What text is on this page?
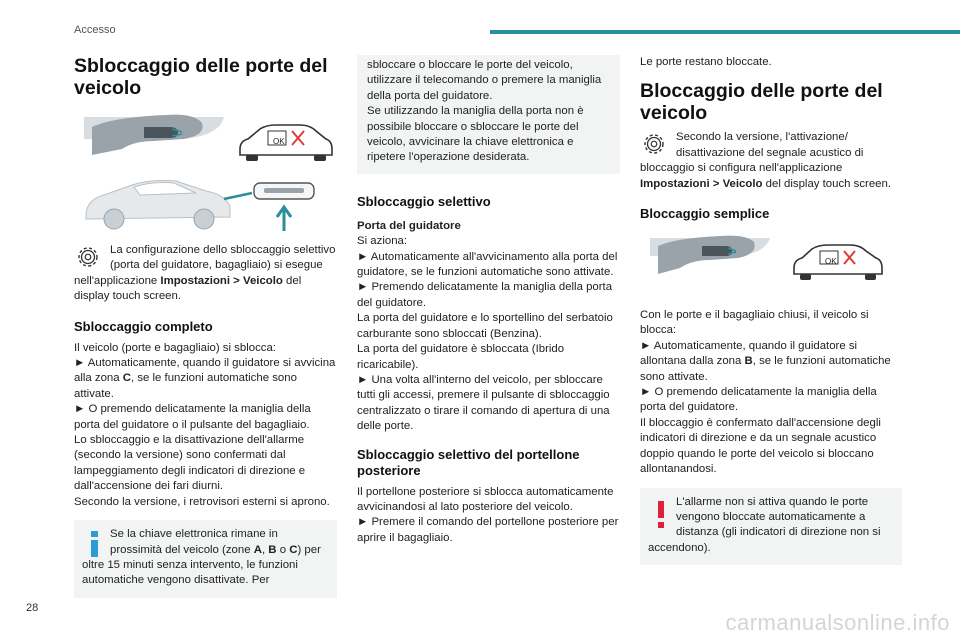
Accesso
Sbloccaggio delle porte del veicolo
OK
La configurazione dello sbloccaggio selettivo (porta del guidatore, bagagliaio) si esegue nell'applicazione Impostazioni > Veicolo del display touch screen.
Sbloccaggio completo

Il veicolo (porte e bagagliaio) si sblocca:

► Automaticamente, quando il guidatore si avvicina alla zona C, se le funzioni automatiche sono attivate.

► O premendo delicatamente la maniglia della porta del guidatore o il pulsante del bagagliaio.

Lo sbloccaggio e la disattivazione dell'allarme (secondo la versione) sono confermati dal lampeggiamento degli indicatori di direzione e dall'accensione dei fari diurni.

Secondo la versione, i retrovisori esterni si aprono.

Se la chiave elettronica rimane in prossimità del veicolo (zone A, B o C) per oltre 15 minuti senza intervento, le funzioni automatiche vengono disattivate. Per

sbloccare o bloccare le porte del veicolo, utilizzare il telecomando o premere la maniglia della porta del guidatore.

Se utilizzando la maniglia della porta non è possibile bloccare o sbloccare le porte del veicolo, avvicinare la chiave elettronica e ripetere l'operazione desiderata.

Sbloccaggio selettivo

Porta del guidatore

Si aziona:

► Automaticamente all'avvicinamento alla porta del guidatore, se le funzioni automatiche sono attivate.

► Premendo delicatamente la maniglia della porta del guidatore.

La porta del guidatore e lo sportellino del serbatoio carburante sono sbloccati (Benzina).

La porta del guidatore è sbloccata (Ibrido ricaricabile).

► Una volta all'interno del veicolo, per sbloccare tutti gli accessi, premere il pulsante di sbloccaggio centralizzato o tirare il comando di apertura di una delle porte.

Sbloccaggio selettivo del portellone posteriore

Il portellone posteriore si sblocca automaticamente avvicinandosi al lato posteriore del veicolo.

► Premere il comando del portellone posteriore per aprire il bagagliaio.

Le porte restano bloccate.

Bloccaggio delle porte del veicolo
Secondo la versione, l'attivazione/ disattivazione del segnale acustico di bloccaggio si configura nell'applicazione Impostazioni > Veicolo del display touch screen.
Bloccaggio semplice
OK

Con le porte e il bagagliaio chiusi, il veicolo si blocca:

► Automaticamente, quando il guidatore si allontana dalla zona B, se le funzioni automatiche sono attivate.

► O premendo delicatamente la maniglia della porta del guidatore.

Il bloccaggio è confermato dall'accensione degli indicatori di direzione e da un segnale acustico doppio quando le porte del veicolo si bloccano allontanandosi.

L'allarme non si attiva quando le porte vengono bloccate automaticamente a distanza (gli indicatori di direzione non si accendono).
28
carmanualsonline.info
